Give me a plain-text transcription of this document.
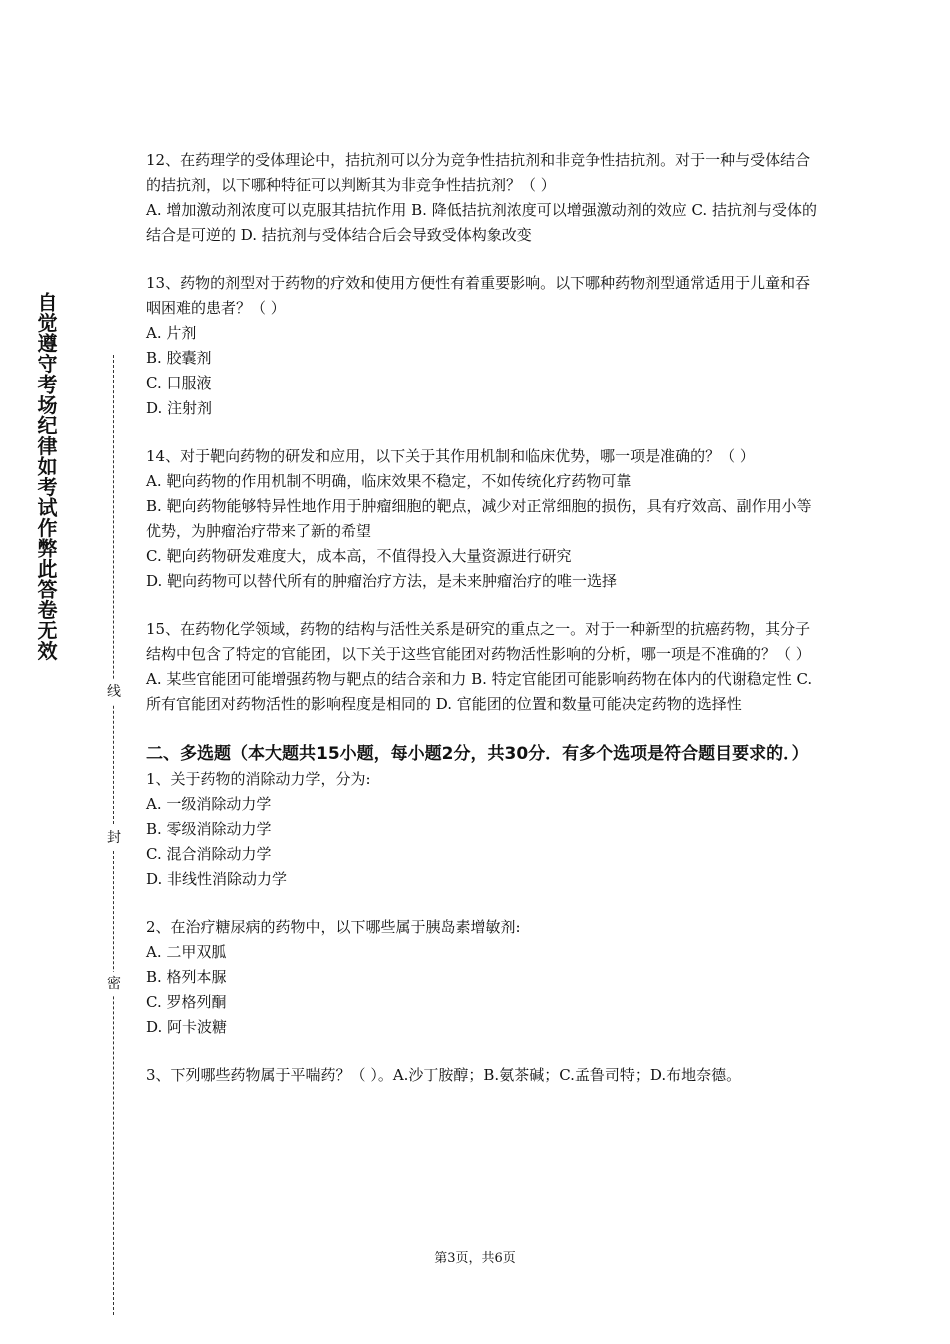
自觉遵守考场纪律如考试作弊此答卷无效
线
封
密

12、在药理学的受体理论中，拮抗剂可以分为竞争性拮抗剂和非竞争性拮抗剂。对于一种与受体结合的拮抗剂，以下哪种特征可以判断其为非竞争性拮抗剂？（ ）

A. 增加激动剂浓度可以克服其拮抗作用 B. 降低拮抗剂浓度可以增强激动剂的效应 C. 拮抗剂与受体的结合是可逆的 D. 拮抗剂与受体结合后会导致受体构象改变

13、药物的剂型对于药物的疗效和使用方便性有着重要影响。以下哪种药物剂型通常适用于儿童和吞咽困难的患者？（ ）

A. 片剂

B. 胶囊剂

C. 口服液

D. 注射剂

14、对于靶向药物的研发和应用，以下关于其作用机制和临床优势，哪一项是准确的？（ ）

A. 靶向药物的作用机制不明确，临床效果不稳定，不如传统化疗药物可靠

B. 靶向药物能够特异性地作用于肿瘤细胞的靶点，减少对正常细胞的损伤，具有疗效高、副作用小等优势，为肿瘤治疗带来了新的希望

C. 靶向药物研发难度大，成本高，不值得投入大量资源进行研究

D. 靶向药物可以替代所有的肿瘤治疗方法，是未来肿瘤治疗的唯一选择

15、在药物化学领域，药物的结构与活性关系是研究的重点之一。对于一种新型的抗癌药物，其分子结构中包含了特定的官能团，以下关于这些官能团对药物活性影响的分析，哪一项是不准确的？（ ）

A. 某些官能团可能增强药物与靶点的结合亲和力 B. 特定官能团可能影响药物在体内的代谢稳定性 C. 所有官能团对药物活性的影响程度是相同的 D. 官能团的位置和数量可能决定药物的选择性

二、多选题（本大题共15小题，每小题2分，共30分．有多个选项是符合题目要求的．）

1、关于药物的消除动力学，分为:

A. 一级消除动力学

B. 零级消除动力学

C. 混合消除动力学

D. 非线性消除动力学

2、在治疗糖尿病的药物中，以下哪些属于胰岛素增敏剂:

A. 二甲双胍

B. 格列本脲

C. 罗格列酮

D. 阿卡波糖

3、下列哪些药物属于平喘药？（ ）。A.沙丁胺醇；B.氨茶碱；C.孟鲁司特；D.布地奈德。

第3页，共6页
